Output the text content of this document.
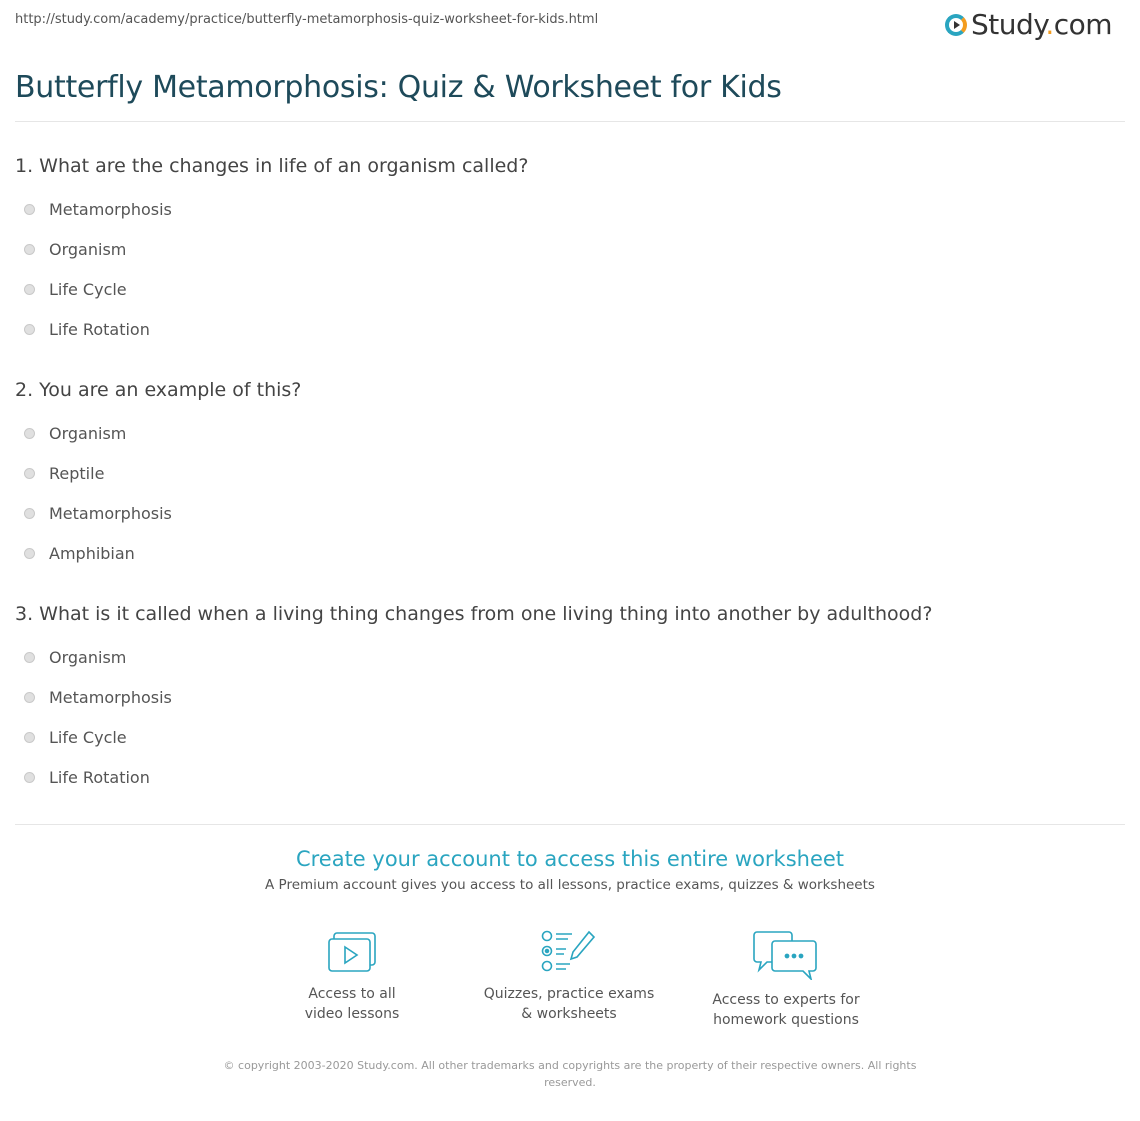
http://study.com/academy/practice/butterfly-metamorphosis-quiz-worksheet-for-kids.html	Study.com
Butterfly Metamorphosis: Quiz & Worksheet for Kids
1. What are the changes in life of an organism called?
Metamorphosis
Organism
Life Cycle
Life Rotation
2. You are an example of this?
Organism
Reptile
Metamorphosis
Amphibian
3. What is it called when a living thing changes from one living thing into another by adulthood?
Organism
Metamorphosis
Life Cycle
Life Rotation

Create your account to access this entire worksheet

A Premium account gives you access to all lessons, practice exams, quizzes & worksheets
Access to all
video lessons
Quizzes, practice exams
& worksheets
Access to experts for
homework questions
© copyright 2003-2020 Study.com. All other trademarks and copyrights are the property of their respective owners. All rights reserved.
